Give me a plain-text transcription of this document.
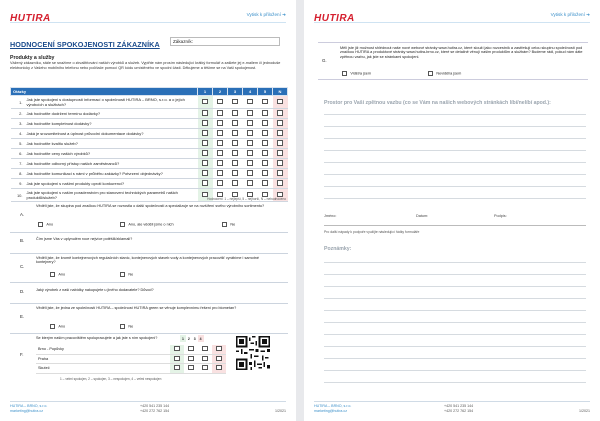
HUTIRA	Vytisk k přiložení ➜
HODNOCENÍ SPOKOJENOSTI ZÁKAZNÍKA	Zákazník:
Produkty a služby
Vážený zákazníku, stále se snažíme o zkvalitňování našich výrobků a služeb. Vyplňte nám prosím následující krátký formulář a zašlete jej e-mailem či jednoduše elektronicky z Vašeho mobilního telefonu nebo počítače pomocí QR kódu umístěného ve spodní části. Děkujeme a těšíme se na Vaši spokojenost.
Otázky		1	2	3	4	5	N
1.	Jak jste spokojeni s dostupností informací o společnosti HUTIRA – BRNO, s.r.o. a o jejích výrobcích a službách?						
2.	Jak hodnotíte dodržení termínu dodávky?						
3.	Jak hodnotíte kompletnost dodávky?						
4.	Jaká je srozumitelnost a úplnost průvodní dokumentace dodávky?						
5.	Jak hodnotíte kvalitu služeb?						
6.	Jak hodnotíte ceny našich výrobků?						
7.	Jak hodnotíte odborný přístup našich zaměstnanců?						
8.	Jak hodnotíte komunikaci s námi v průběhu zakázky? Potvrzení objednávky?						
9.	Jak jste spokojeni s našimi produkty oproti konkurenci?						
10.	Jak jste spokojeni s naším poradenstvím pro stanovení technických parametrů našich produktů/služeb?							Hodnocení: 1 – nejlepší, 5 – nejhorší, N – nehodnoceno
A.
Věděli jste, že skupina pod značkou HUTIRA se rozrostla o další společnosti a specializuje se na rozšíření svého výrobního sortimentu?
Ano	Ano, ale věděli jsme o nich	Ne
B.	Čím jsme Vás v uplynulém roce nejvíce potěšili/zklamali?
C.
Věděli jste, že kromě kontejnerových regulačních stanic, kontejnerových staveb vody a kontejnerových pracovišť vyrábíme i samotné kontejnery?
Ano	Ne
D.	Jaký výrobek z naší nabídky nakupujete u jiného dodavatele? Důvod?
E.
Věděli jste, že jedna ze společností HUTIRA – společnost HUTIRA green se věnuje komplexnímu řešení pro biometan?
Ano	Ne
F.
Se kterým naším pracovištěm spolupracujete a jak jste s ním spokojeni?	1	2	3	4
Brno - Popůvky				
Praha				
Skuteč				
1 – velmi spokojen, 2 – spokojen, 3 – nespokojen, 4 – velmi nespokojen
HUTIRA – BRNO, s.r.o.
marketing@hutira.cz
+420 541 235 144
+420 272 762 154	1/2021
HUTIRA	Vytisk k přiložení ➜
G.
Měli jste již možnost shlédnout naše nové webové stránky www.hutira.cz, které slouží jako rozcestník a zastřešují celou skupinu společností pod značkou HUTIRA a produktové stránky www.hutira-brno.cz, které se detailně věnují našim produktům a službám? Budeme rádi, pokud nám dáte zpětnou vazbu, jak jste se stránkami spokojeni.
Viděl/a jsem	Neviděl/a jsem
Prostor pro Vaši zpětnou vazbu (co se Vám na našich webových stránkách líbí/nelíbí apod.):
Jméno:	Datum:	Podpis:
Pro další nápady k podpoře využijte následující řádky formuláře
Poznámky:
HUTIRA – BRNO, s.r.o.
marketing@hutira.cz
+420 541 235 144
+420 272 762 154	1/2021
